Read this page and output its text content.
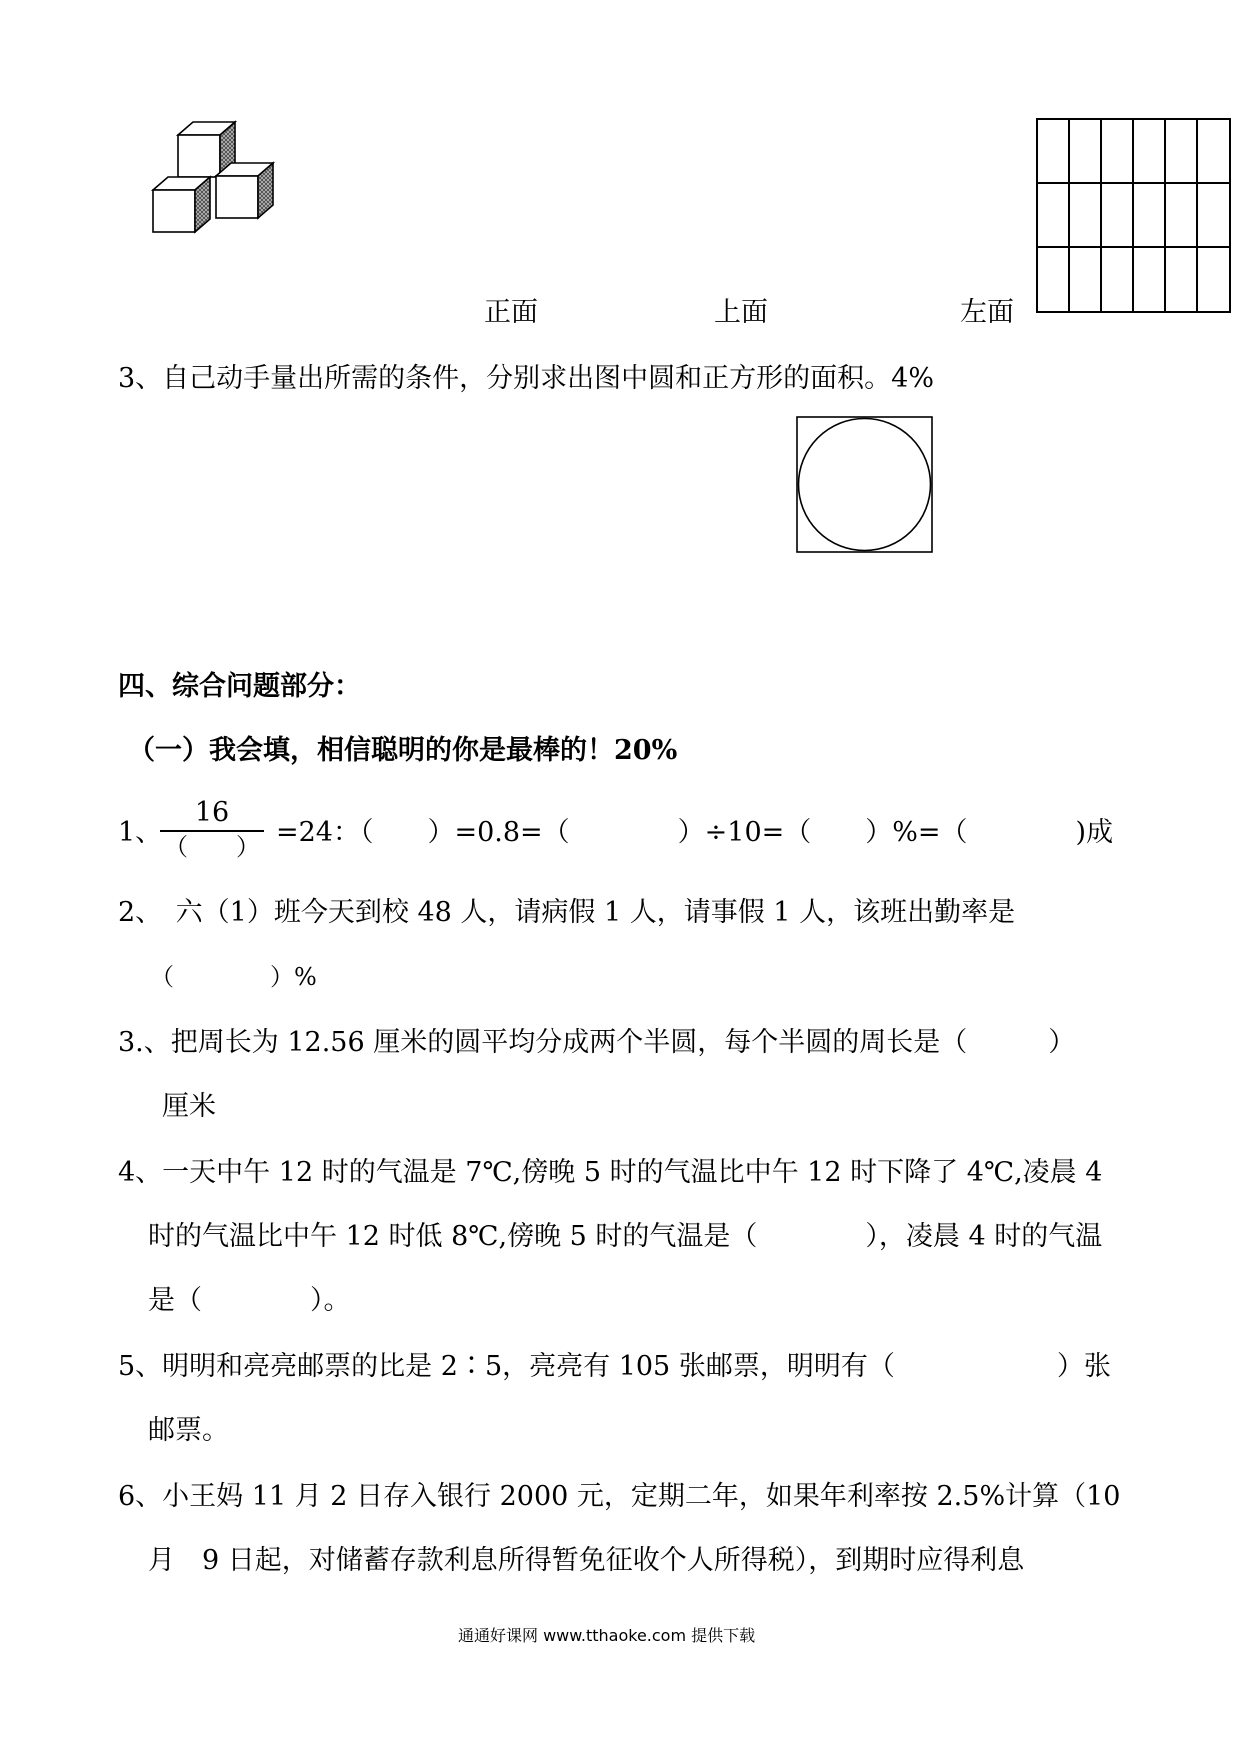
正面	上面	左面
3、自己动手量出所需的条件，分别求出图中圆和正方形的面积。4%
四、综合问题部分：
（一）我会填，相信聪明的你是最棒的！20%
1、
16
（　　） =24：（　　）=0.8=（　　　　）÷10=（　　）%=（　　　　)成
2、　六（1）班今天到校 48 人，请病假 1 人，请事假 1 人，该班出勤率是
（　　　　）%
3.、把周长为 12.56 厘米的圆平均分成两个半圆，每个半圆的周长是（　　　）
厘米
4、一天中午 12 时的气温是 7℃,傍晚 5 时的气温比中午 12 时下降了 4℃,凌晨 4
时的气温比中午 12 时低 8℃,傍晚 5 时的气温是（　　　　），凌晨 4 时的气温
是（　　　　）。
5、明明和亮亮邮票的比是 2∶5，亮亮有 105 张邮票，明明有（　　　　　　）张
邮票。
6、小王妈 11 月 2 日存入银行 2000 元，定期二年，如果年利率按 2.5%计算（10
月　9 日起，对储蓄存款利息所得暂免征收个人所得税），到期时应得利息
通通好课网 www.tthaoke.com 提供下载
